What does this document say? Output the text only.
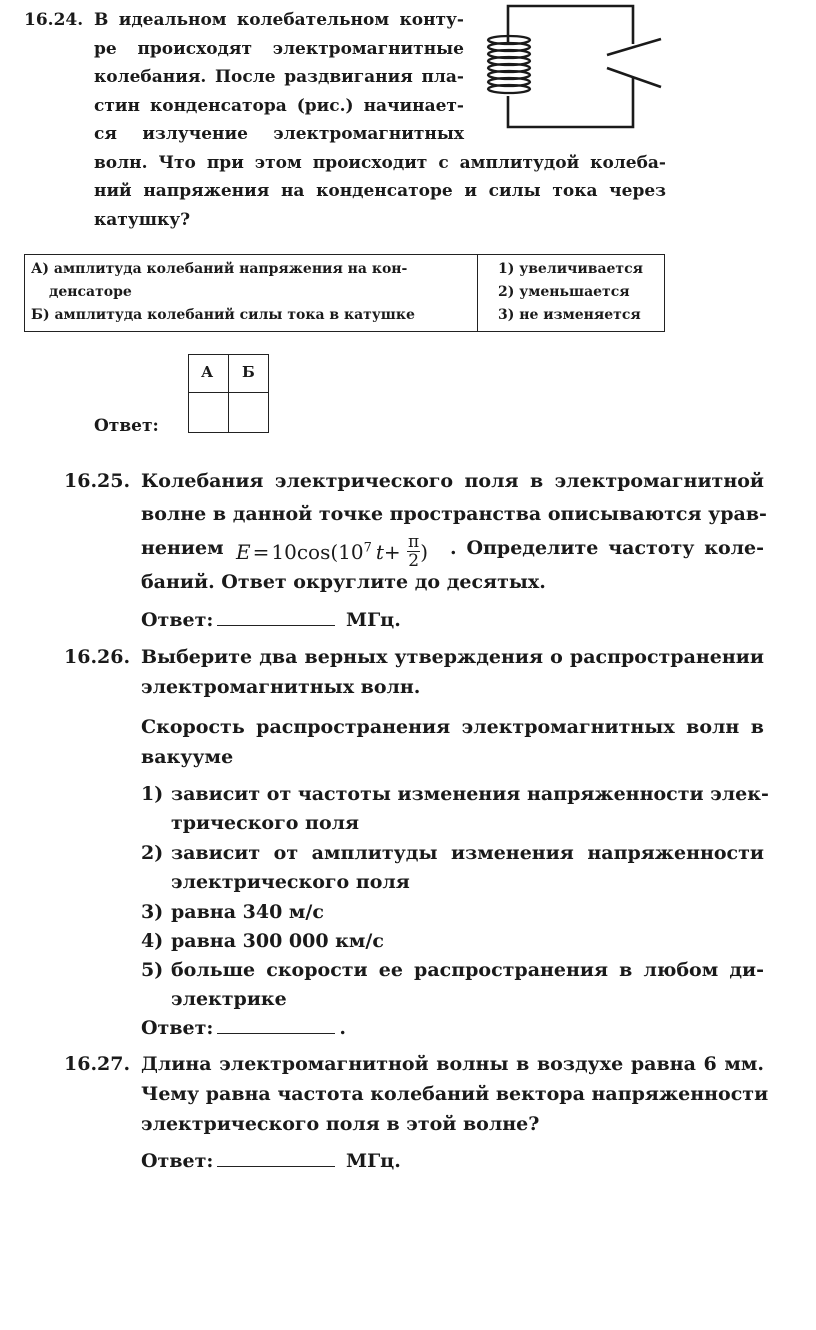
16.24. В идеальном колебательном конту-
ре происходят электромагнитные
колебания. После раздвигания пла-
стин конденсатора (рис.) начинает-
ся излучение электромагнитных
волн. Что при этом происходит с амплитудой колеба-
ний напряжения на конденсаторе и силы тока через
катушку?
А) амплитуда колебаний напряжения на кон-
денсаторе
Б) амплитуда колебаний силы тока в катушке
1) увеличивается
2) уменьшается
3) не изменяется
Ответ:
А Б
16.25. Колебания электрического поля в электромагнитной
волне в данной точке пространства описываются урав-
нением $E = 10\cos(10^7$ $t+ \frac{\pi}{2}$ ) . Определите частоту коле-
баний. Ответ округлите до десятых.
Ответ:	МГц.
16.26. Выберите два верных утверждения о распространении
электромагнитных волн.
Скорость распространения электромагнитных волн в
вакууме
1) зависит от частоты изменения напряженности элек-
трического поля
2) зависит от амплитуды изменения напряженности
электрического поля
3) равна 340 м/с
4) равна 300 000 км/с
5) больше скорости ее распространения в любом ди-
электрике
Ответ:	.
16.27. Длина электромагнитной волны в воздухе равна 6 мм.
Чему равна частота колебаний вектора напряженности
электрического поля в этой волне?
Ответ:	МГц.
